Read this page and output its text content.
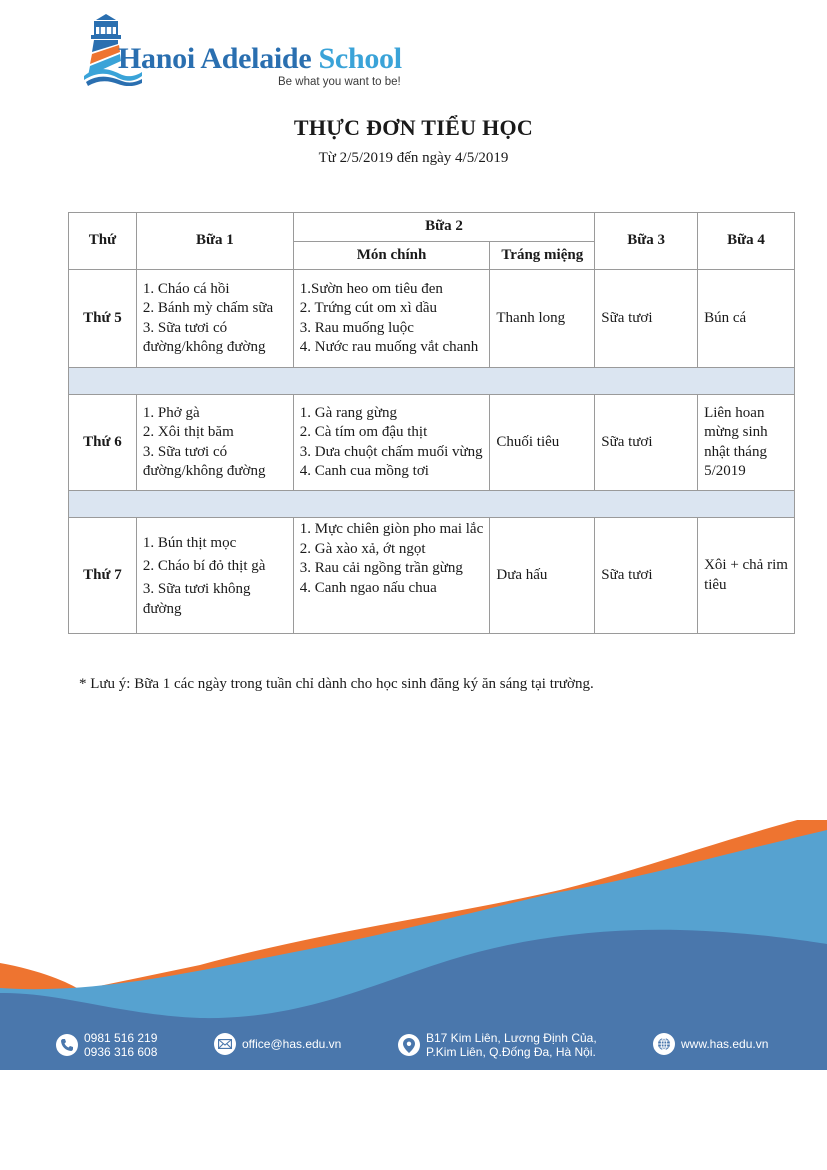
Hanoi Adelaide School
Be what you want to be!
THỰC ĐƠN TIỂU HỌC
Từ 2/5/2019 đến ngày 4/5/2019
Thứ	Bữa 1	Bữa 2		Bữa 3	Bữa 4
		Món chính	Tráng miệng		
Thứ 5	1. Cháo cá hồi
2. Bánh mỳ chấm sữa
3. Sữa tươi có đường/không đường	1.Sườn heo om tiêu đen
2. Trứng cút om xì dầu
3. Rau muống luộc
4. Nước rau muống vắt chanh	Thanh long	Sữa tươi	Bún cá

Thứ 6	1. Phở gà
2. Xôi thịt băm
3. Sữa tươi có đường/không đường	1. Gà rang gừng
2. Cà tím om đậu thịt
3. Dưa chuột chấm muối vừng
4. Canh cua mồng tơi	Chuối tiêu	Sữa tươi	Liên hoan mừng sinh nhật tháng 5/2019

Thứ 7	1. Bún thịt mọc
2. Cháo bí đỏ thịt gà
3. Sữa tươi không đường	1. Mực chiên giòn pho mai lắc
2. Gà xào xả, ớt ngọt
3. Rau cải ngồng trần gừng
4. Canh ngao nấu chua	Dưa hấu	Sữa tươi	Xôi + chả rim tiêu
* Lưu ý: Bữa 1 các ngày trong tuần chỉ dành cho học sinh đăng ký ăn sáng tại trường.
0981 516 219
0936 316 608
office@has.edu.vn	B17 Kim Liên, Lương Định Của,
P.Kim Liên, Q.Đống Đa, Hà Nội.
www.has.edu.vn
